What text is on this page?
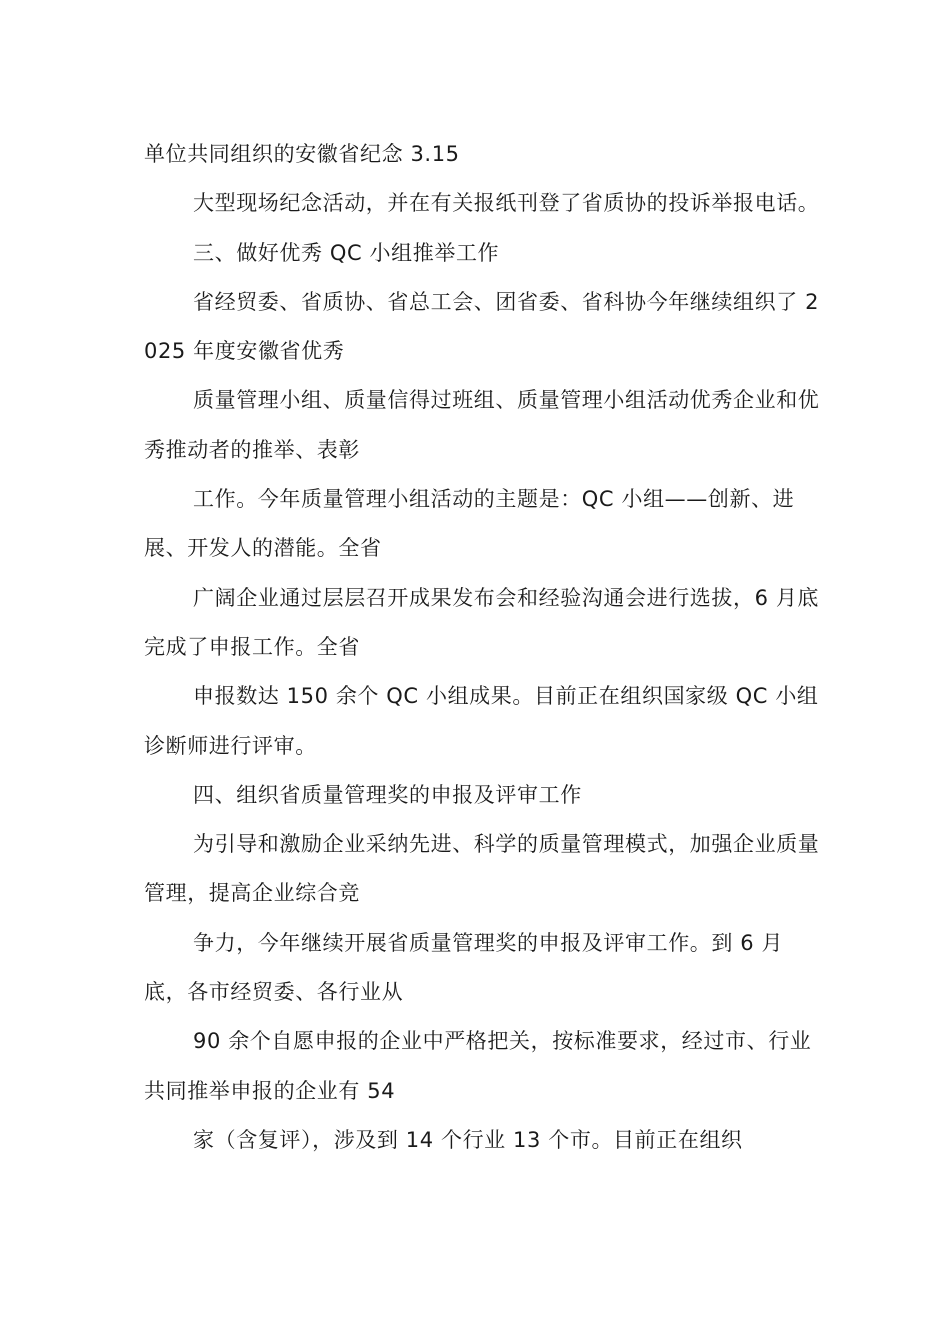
单位共同组织的安徽省纪念 3.15

大型现场纪念活动，并在有关报纸刊登了省质协的投诉举报电话。

三、做好优秀 QC 小组推举工作

省经贸委、省质协、省总工会、团省委、省科协今年继续组织了 2025 年度安徽省优秀

质量管理小组、质量信得过班组、质量管理小组活动优秀企业和优秀推动者的推举、表彰

工作。今年质量管理小组活动的主题是：QC 小组——创新、进展、开发人的潜能。全省

广阔企业通过层层召开成果发布会和经验沟通会进行选拔，6 月底完成了申报工作。全省

申报数达 150 余个 QC 小组成果。目前正在组织国家级 QC 小组诊断师进行评审。

四、组织省质量管理奖的申报及评审工作

为引导和激励企业采纳先进、科学的质量管理模式，加强企业质量管理，提高企业综合竞

争力，今年继续开展省质量管理奖的申报及评审工作。到 6 月底，各市经贸委、各行业从

90 余个自愿申报的企业中严格把关，按标准要求，经过市、行业共同推举申报的企业有 54

家（含复评），涉及到 14 个行业 13 个市。目前正在组织
